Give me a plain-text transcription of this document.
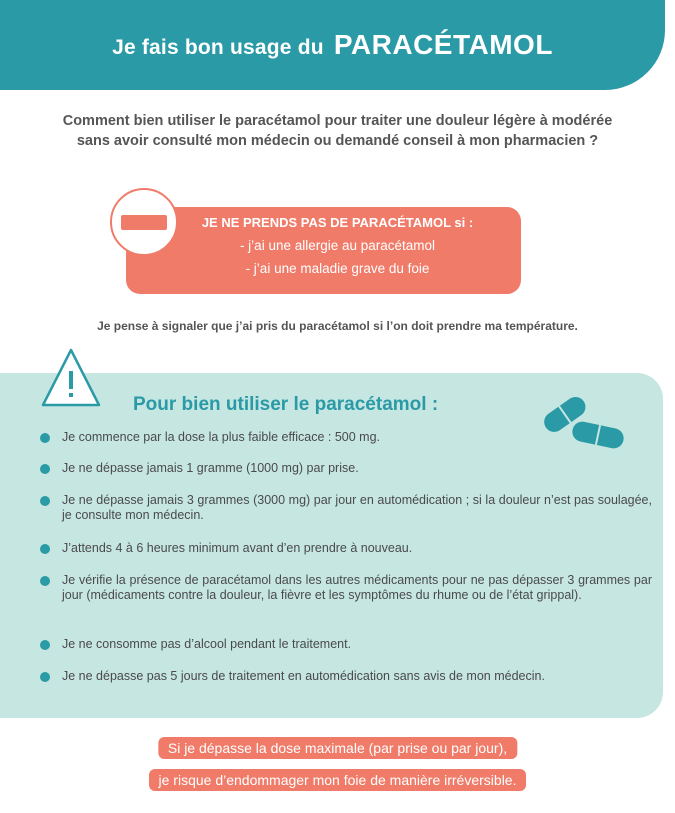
Je fais bon usage du PARACÉTAMOL
Comment bien utiliser le paracétamol pour traiter une douleur légère à modérée
sans avoir consulté mon médecin ou demandé conseil à mon pharmacien ?
JE NE PRENDS PAS DE PARACÉTAMOL si :
- j’ai une allergie au paracétamol
- j’ai une maladie grave du foie
Je pense à signaler que j’ai pris du paracétamol si l’on doit prendre ma température.
Pour bien utiliser le paracétamol :
Je commence par la dose la plus faible efficace : 500 mg.
Je ne dépasse jamais 1 gramme (1000 mg) par prise.
Je ne dépasse jamais 3 grammes (3000 mg) par jour en automédication ; si la douleur n’est pas soulagée, je consulte mon médecin.
J’attends 4 à 6 heures minimum avant d’en prendre à nouveau.
Je vérifie la présence de paracétamol dans les autres médicaments pour ne pas dépasser 3 grammes par jour (médicaments contre la douleur, la fièvre et les symptômes du rhume ou de l’état grippal).
Je ne consomme pas d’alcool pendant le traitement.
Je ne dépasse pas 5 jours de traitement en automédication sans avis de mon médecin.
Si je dépasse la dose maximale (par prise ou par jour),
je risque d’endommager mon foie de manière irréversible.
